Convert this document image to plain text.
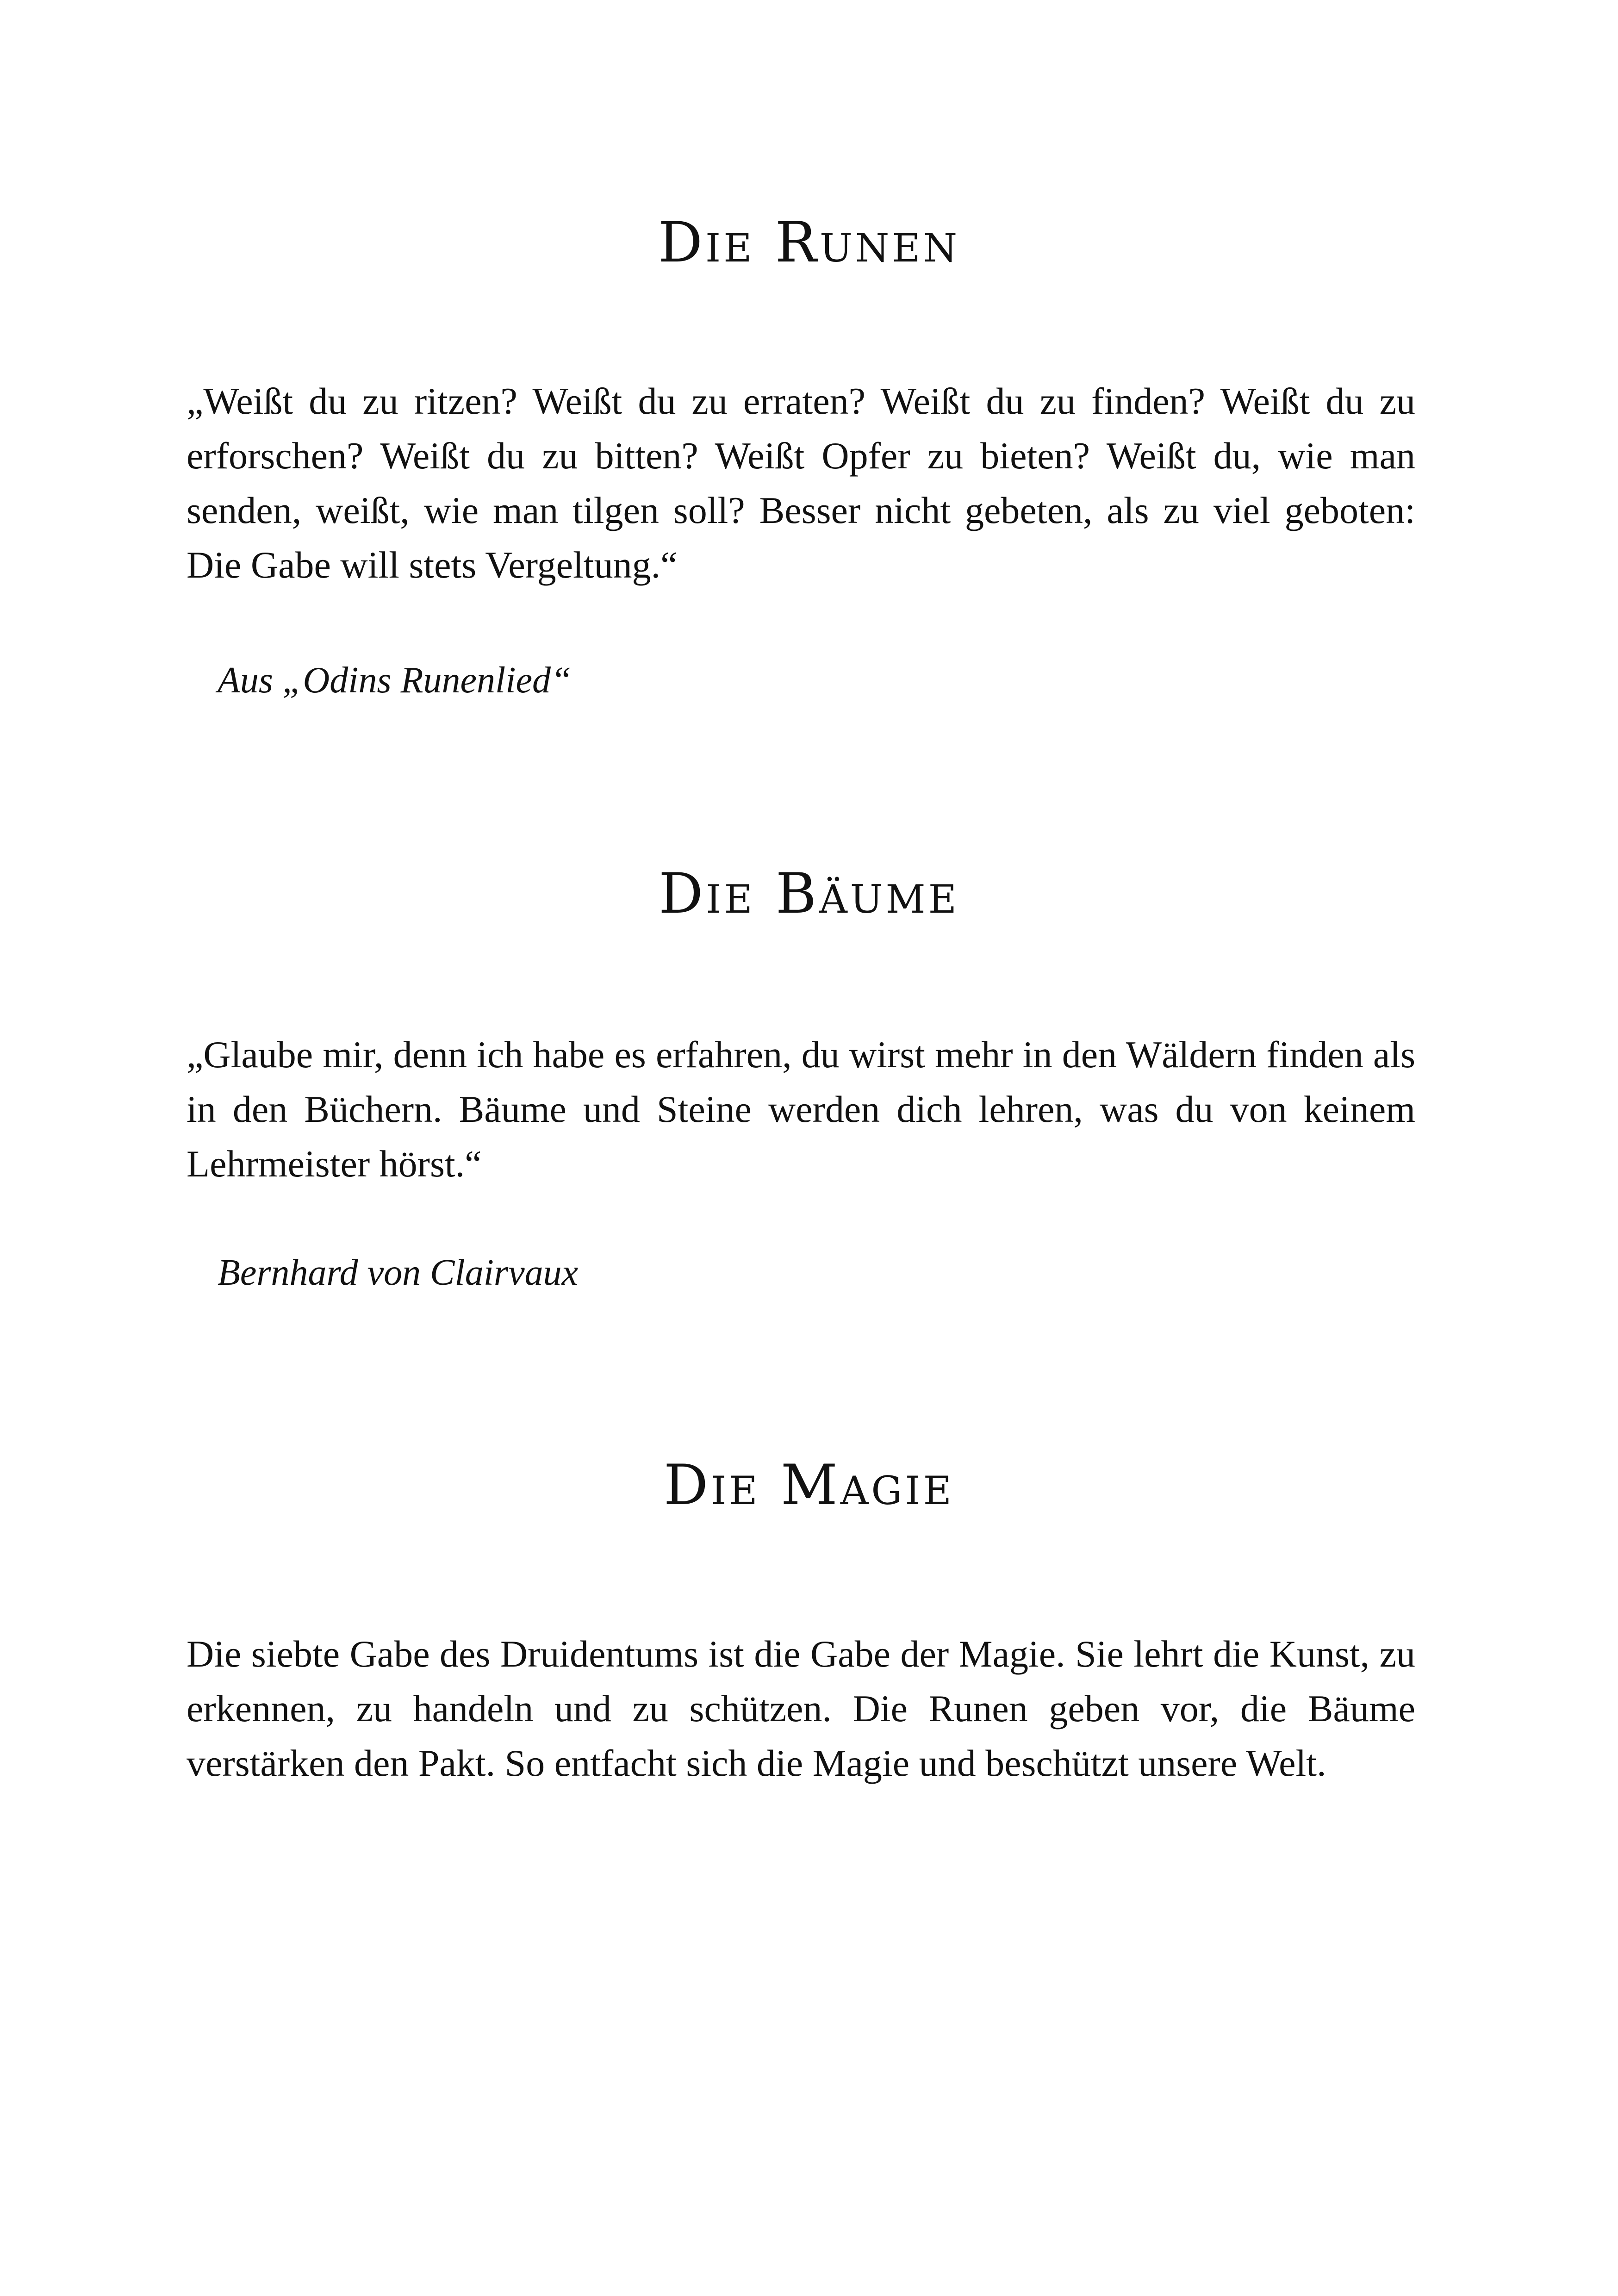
Die Runen

„Weißt du zu ritzen? Weißt du zu erraten? Weißt du zu finden? Weißt du zu erforschen? Weißt du zu bitten? Weißt Opfer zu bieten? Weißt du, wie man senden, weißt, wie man tilgen soll? Besser nicht gebeten, als zu viel geboten: Die Gabe will stets Vergeltung.“

Aus „Odins Runenlied“

Die Bäume

„Glaube mir, denn ich habe es erfahren, du wirst mehr in den Wäldern finden als in den Büchern. Bäume und Steine werden dich lehren, was du von keinem Lehrmeister hörst.“

Bernhard von Clairvaux

Die Magie

Die siebte Gabe des Druidentums ist die Gabe der Magie. Sie lehrt die Kunst, zu erkennen, zu handeln und zu schützen. Die Runen geben vor, die Bäume verstärken den Pakt. So entfacht sich die Magie und beschützt unsere Welt.
